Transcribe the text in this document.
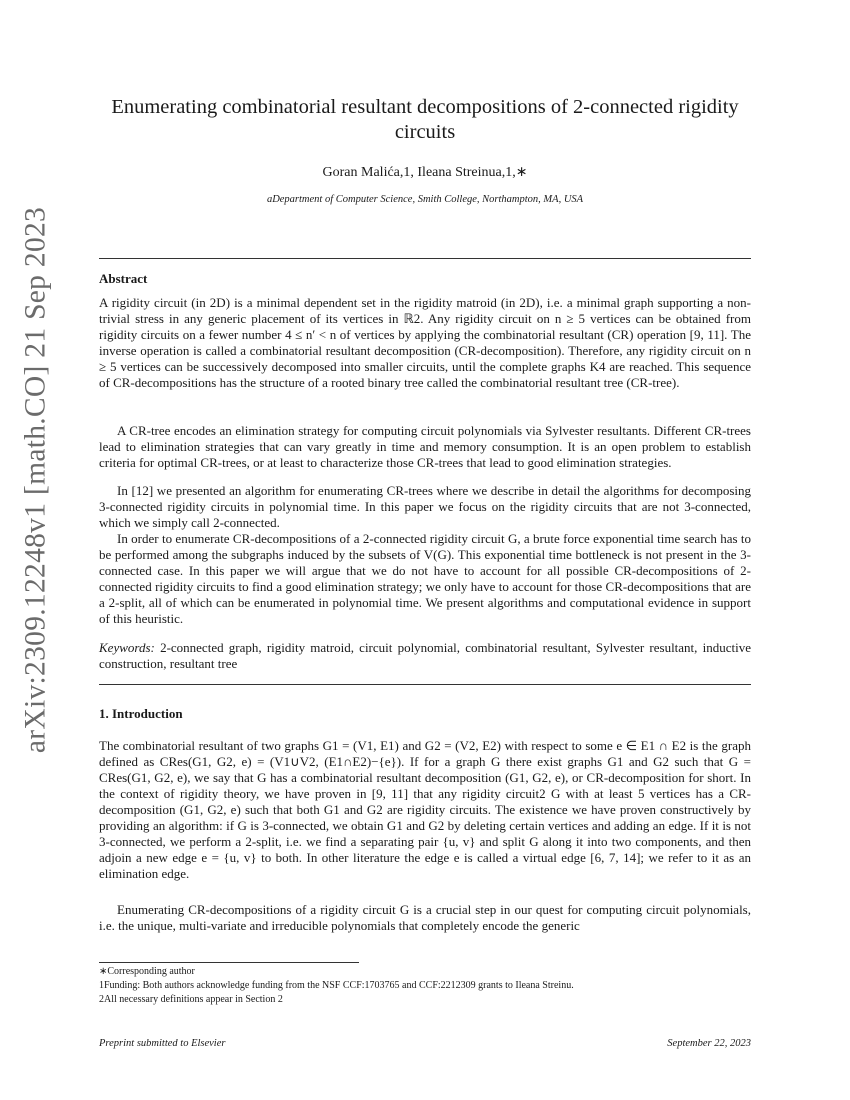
arXiv:2309.12248v1 [math.CO] 21 Sep 2023
Enumerating combinatorial resultant decompositions of 2-connected rigidity circuits
Goran Malića,1, Ileana Streinua,1,∗
aDepartment of Computer Science, Smith College, Northampton, MA, USA
Abstract

A rigidity circuit (in 2D) is a minimal dependent set in the rigidity matroid (in 2D), i.e. a minimal graph supporting a non-trivial stress in any generic placement of its vertices in ℝ2. Any rigidity circuit on n ≥ 5 vertices can be obtained from rigidity circuits on a fewer number 4 ≤ n′ < n of vertices by applying the combinatorial resultant (CR) operation [9, 11]. The inverse operation is called a combinatorial resultant decomposition (CR-decomposition). Therefore, any rigidity circuit on n ≥ 5 vertices can be successively decomposed into smaller circuits, until the complete graphs K4 are reached. This sequence of CR-decompositions has the structure of a rooted binary tree called the combinatorial resultant tree (CR-tree).

A CR-tree encodes an elimination strategy for computing circuit polynomials via Sylvester resultants. Different CR-trees lead to elimination strategies that can vary greatly in time and memory consumption. It is an open problem to establish criteria for optimal CR-trees, or at least to characterize those CR-trees that lead to good elimination strategies.

In [12] we presented an algorithm for enumerating CR-trees where we describe in detail the algorithms for decomposing 3-connected rigidity circuits in polynomial time. In this paper we focus on the rigidity circuits that are not 3-connected, which we simply call 2-connected.

In order to enumerate CR-decompositions of a 2-connected rigidity circuit G, a brute force exponential time search has to be performed among the subgraphs induced by the subsets of V(G). This exponential time bottleneck is not present in the 3-connected case. In this paper we will argue that we do not have to account for all possible CR-decompositions of 2-connected rigidity circuits to find a good elimination strategy; we only have to account for those CR-decompositions that are a 2-split, all of which can be enumerated in polynomial time. We present algorithms and computational evidence in support of this heuristic.

Keywords: 2-connected graph, rigidity matroid, circuit polynomial, combinatorial resultant, Sylvester resultant, inductive construction, resultant tree
1. Introduction

The combinatorial resultant of two graphs G1 = (V1, E1) and G2 = (V2, E2) with respect to some e ∈ E1 ∩ E2 is the graph defined as CRes(G1, G2, e) = (V1∪V2, (E1∩E2)−{e}). If for a graph G there exist graphs G1 and G2 such that G = CRes(G1, G2, e), we say that G has a combinatorial resultant decomposition (G1, G2, e), or CR-decomposition for short. In the context of rigidity theory, we have proven in [9, 11] that any rigidity circuit2 G with at least 5 vertices has a CR-decomposition (G1, G2, e) such that both G1 and G2 are rigidity circuits. The existence we have proven constructively by providing an algorithm: if G is 3-connected, we obtain G1 and G2 by deleting certain vertices and adding an edge. If it is not 3-connected, we perform a 2-split, i.e. we find a separating pair {u, v} and split G along it into two components, and then adjoin a new edge e = {u, v} to both. In other literature the edge e is called a virtual edge [6, 7, 14]; we refer to it as an elimination edge.

Enumerating CR-decompositions of a rigidity circuit G is a crucial step in our quest for computing circuit polynomials, i.e. the unique, multi-variate and irreducible polynomials that completely encode the generic

∗Corresponding author
1Funding: Both authors acknowledge funding from the NSF CCF:1703765 and CCF:2212309 grants to Ileana Streinu.
2All necessary definitions appear in Section 2
Preprint submitted to Elsevier	September 22, 2023
